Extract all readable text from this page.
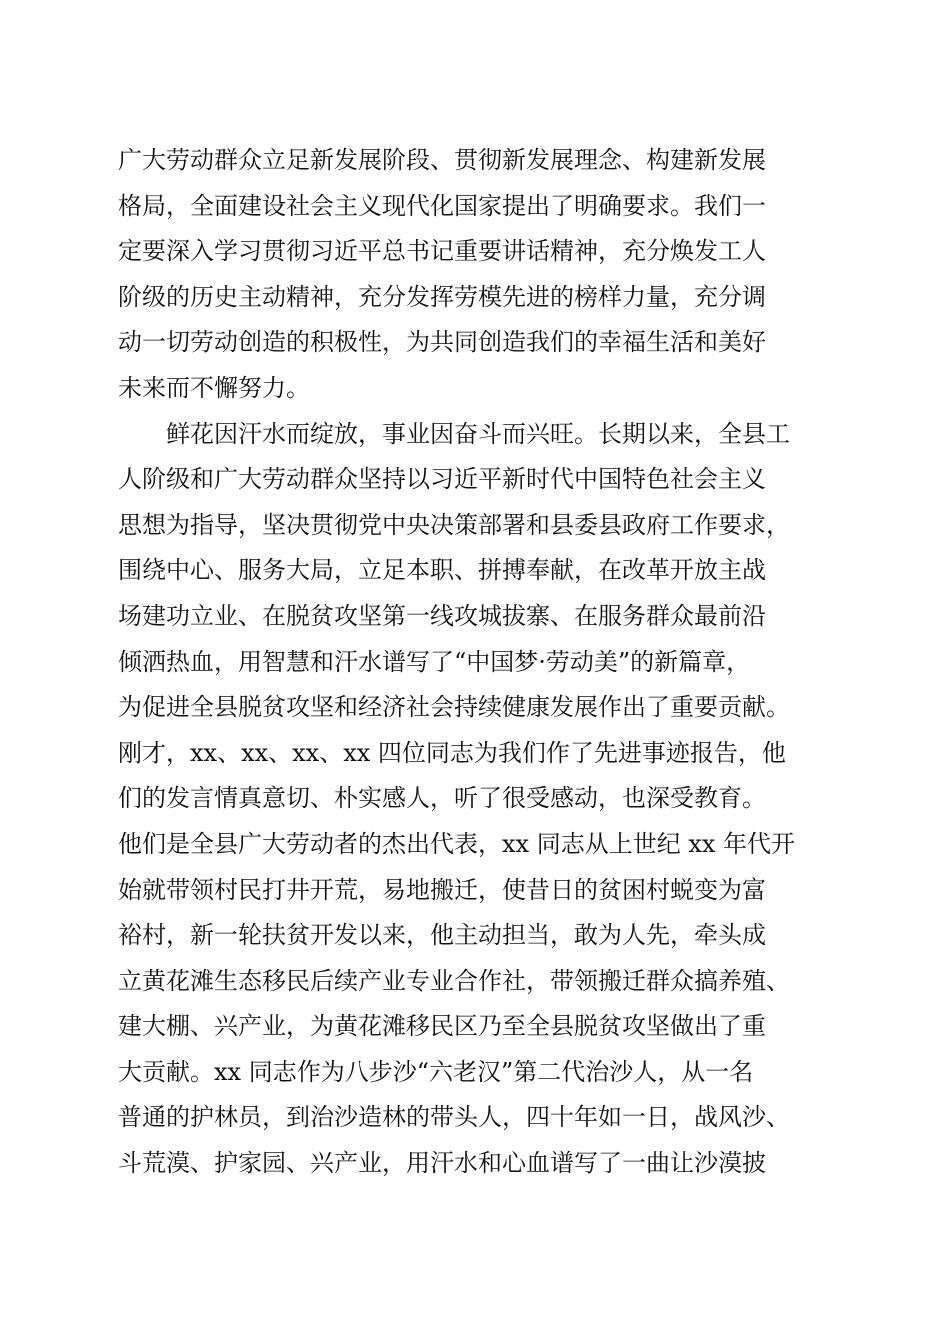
广大劳动群众立足新发展阶段、贯彻新发展理念、构建新发展
格局，全面建设社会主义现代化国家提出了明确要求。我们一
定要深入学习贯彻习近平总书记重要讲话精神，充分焕发工人
阶级的历史主动精神，充分发挥劳模先进的榜样力量，充分调
动一切劳动创造的积极性，为共同创造我们的幸福生活和美好
未来而不懈努力。
鲜花因汗水而绽放，事业因奋斗而兴旺。长期以来，全县工
人阶级和广大劳动群众坚持以习近平新时代中国特色社会主义
思想为指导，坚决贯彻党中央决策部署和县委县政府工作要求，
围绕中心、服务大局，立足本职、拼搏奉献，在改革开放主战
场建功立业、在脱贫攻坚第一线攻城拔寨、在服务群众最前沿
倾洒热血，用智慧和汗水谱写了“中国梦·劳动美”的新篇章，
为促进全县脱贫攻坚和经济社会持续健康发展作出了重要贡献。
刚才，xx、xx、xx、xx 四位同志为我们作了先进事迹报告，他
们的发言情真意切、朴实感人，听了很受感动，也深受教育。
他们是全县广大劳动者的杰出代表，xx 同志从上世纪 xx 年代开
始就带领村民打井开荒，易地搬迁，使昔日的贫困村蜕变为富
裕村，新一轮扶贫开发以来，他主动担当，敢为人先，牵头成
立黄花滩生态移民后续产业专业合作社，带领搬迁群众搞养殖、
建大棚、兴产业，为黄花滩移民区乃至全县脱贫攻坚做出了重
大贡献。xx 同志作为八步沙“六老汉”第二代治沙人，从一名
普通的护林员，到治沙造林的带头人，四十年如一日，战风沙、
斗荒漠、护家园、兴产业，用汗水和心血谱写了一曲让沙漠披
